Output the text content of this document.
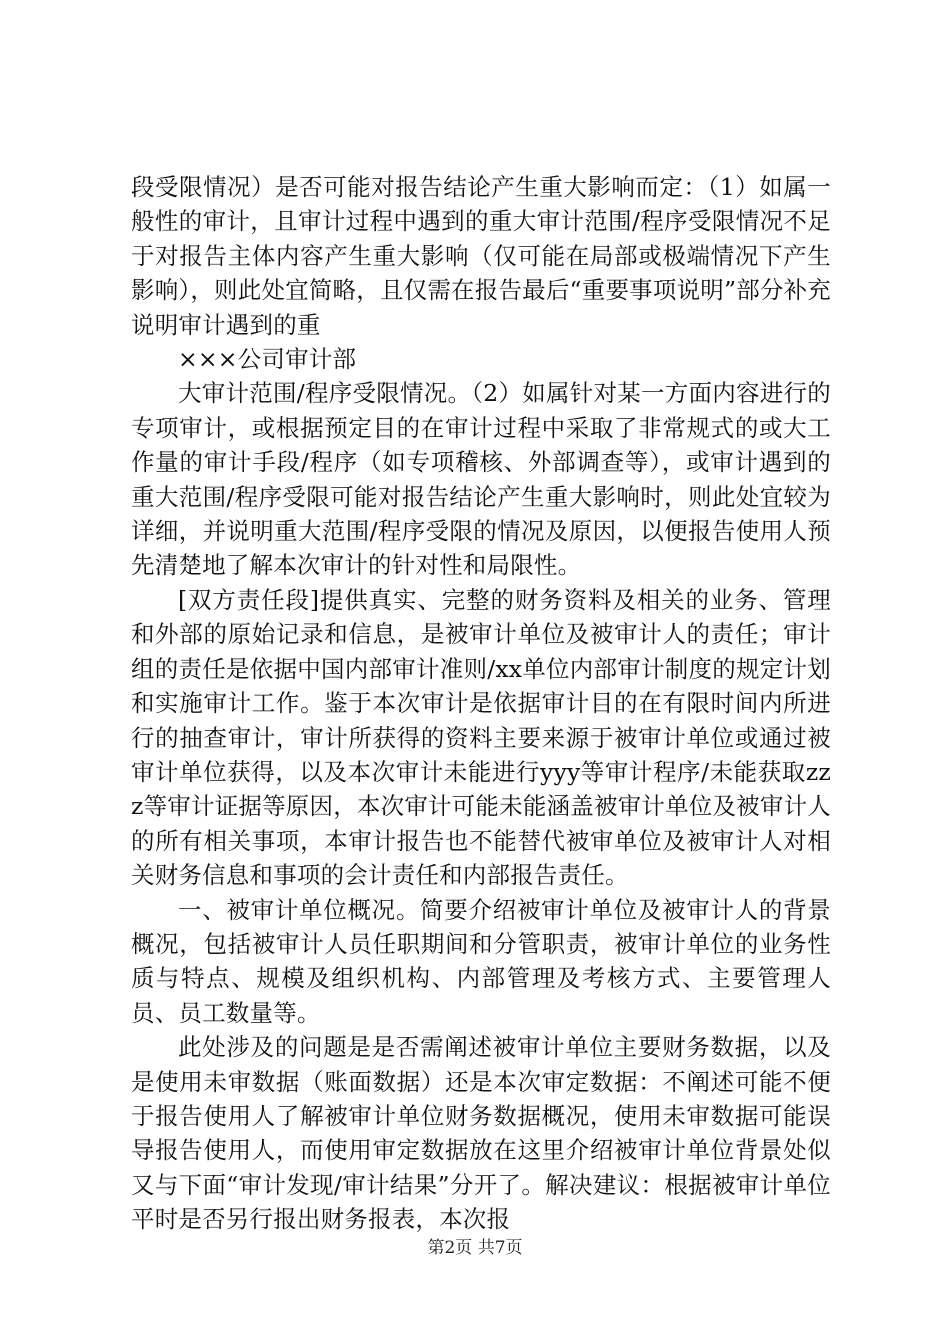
段受限情况）是否可能对报告结论产生重大影响而定：（1）如属一般性的审计，且审计过程中遇到的重大审计范围/程序受限情况不足于对报告主体内容产生重大影响（仅可能在局部或极端情况下产生影响），则此处宜简略，且仅需在报告最后“重要事项说明”部分补充说明审计遇到的重

×××公司审计部

大审计范围/程序受限情况。（2）如属针对某一方面内容进行的专项审计，或根据预定目的在审计过程中采取了非常规式的或大工作量的审计手段/程序（如专项稽核、外部调查等），或审计遇到的重大范围/程序受限可能对报告结论产生重大影响时，则此处宜较为详细，并说明重大范围/程序受限的情况及原因，以便报告使用人预先清楚地了解本次审计的针对性和局限性。

[双方责任段]提供真实、完整的财务资料及相关的业务、管理和外部的原始记录和信息，是被审计单位及被审计人的责任；审计组的责任是依据中国内部审计准则/xx单位内部审计制度的规定计划和实施审计工作。鉴于本次审计是依据审计目的在有限时间内所进行的抽查审计，审计所获得的资料主要来源于被审计单位或通过被审计单位获得，以及本次审计未能进行yyy等审计程序/未能获取zzz等审计证据等原因，本次审计可能未能涵盖被审计单位及被审计人的所有相关事项，本审计报告也不能替代被审单位及被审计人对相关财务信息和事项的会计责任和内部报告责任。

一、被审计单位概况。简要介绍被审计单位及被审计人的背景概况，包括被审计人员任职期间和分管职责，被审计单位的业务性质与特点、规模及组织机构、内部管理及考核方式、主要管理人员、员工数量等。

此处涉及的问题是是否需阐述被审计单位主要财务数据，以及是使用未审数据（账面数据）还是本次审定数据：不阐述可能不便于报告使用人了解被审计单位财务数据概况，使用未审数据可能误导报告使用人，而使用审定数据放在这里介绍被审计单位背景处似又与下面“审计发现/审计结果”分开了。解决建议：根据被审计单位平时是否另行报出财务报表，本次报

第2页 共7页
